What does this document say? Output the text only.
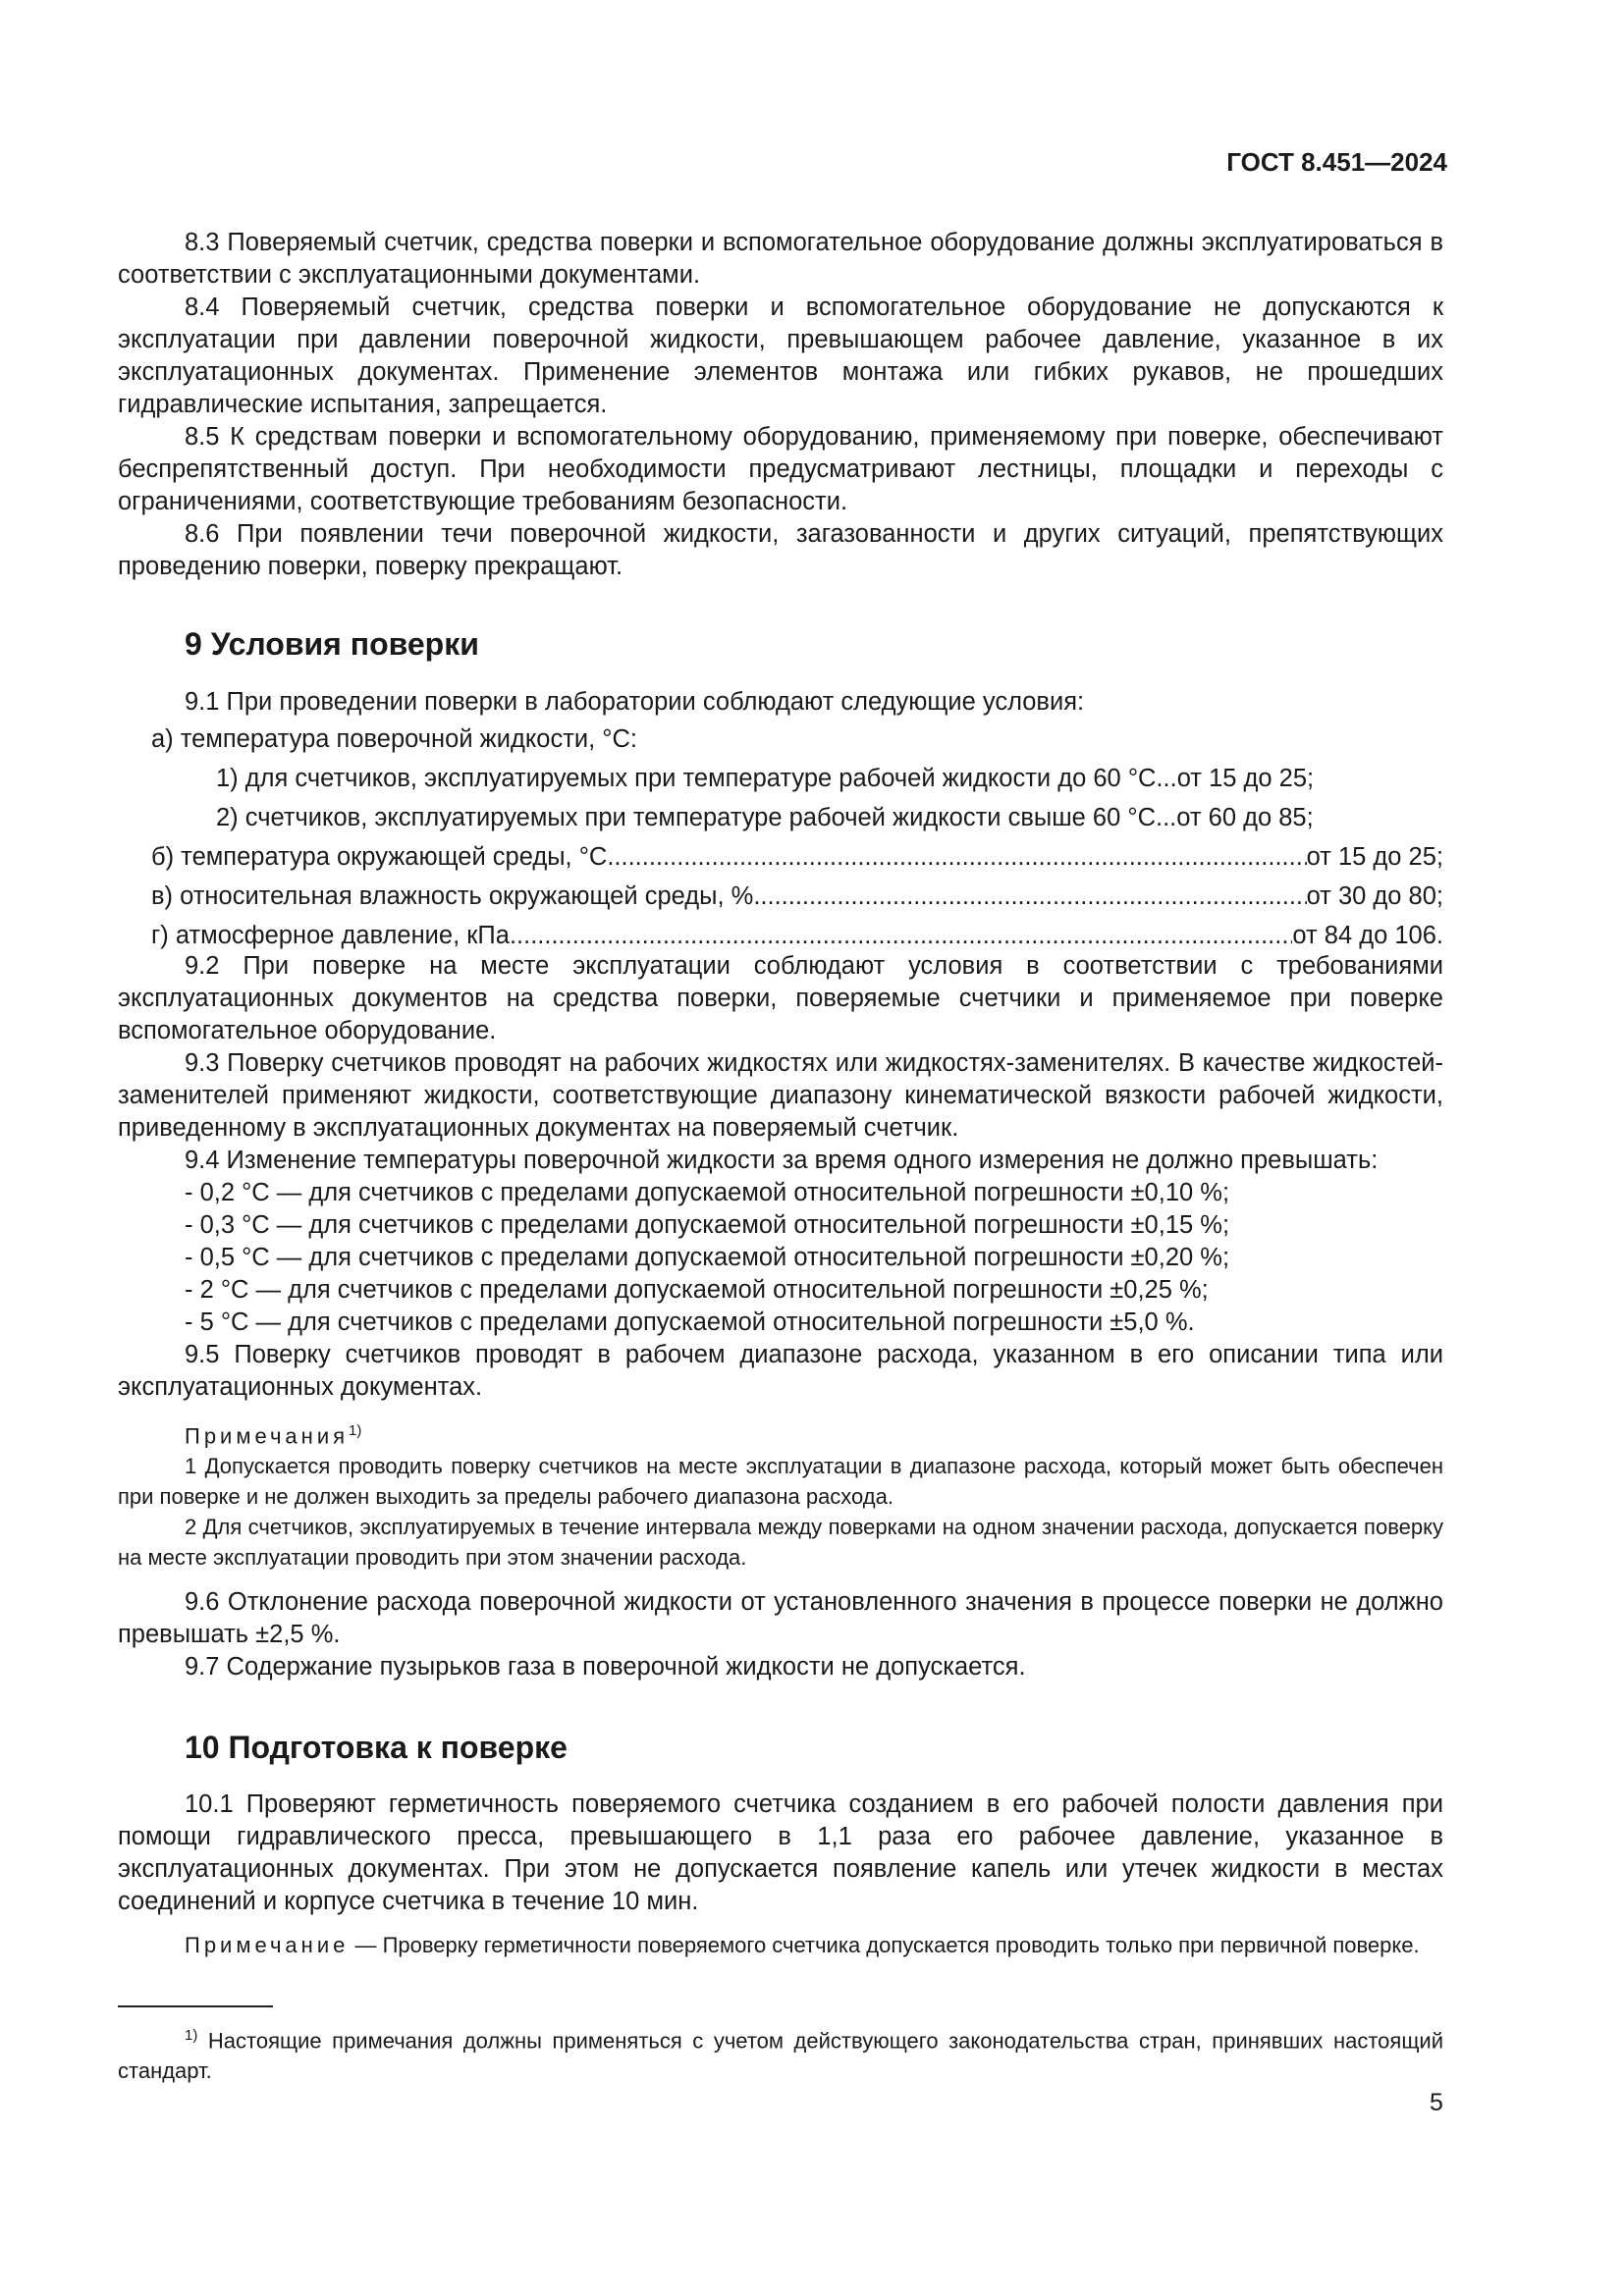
ГОСТ 8.451—2024

8.3 Поверяемый счетчик, средства поверки и вспомогательное оборудование должны эксплуатироваться в соответствии с эксплуатационными документами.

8.4 Поверяемый счетчик, средства поверки и вспомогательное оборудование не допускаются к эксплуатации при давлении поверочной жидкости, превышающем рабочее давление, указанное в их эксплуатационных документах. Применение элементов монтажа или гибких рукавов, не прошедших гидравлические испытания, запрещается.

8.5 К средствам поверки и вспомогательному оборудованию, применяемому при поверке, обеспечивают беспрепятственный доступ. При необходимости предусматривают лестницы, площадки и переходы с ограничениями, соответствующие требованиям безопасности.

8.6 При появлении течи поверочной жидкости, загазованности и других ситуаций, препятствующих проведению поверки, поверку прекращают.

9 Условия поверки

9.1 При проведении поверки в лаборатории соблюдают следующие условия:

а) температура поверочной жидкости, °С:
1) для счетчиков, эксплуатируемых при температуре рабочей жидкости до 60 °С... от 15 до 25;
2) счетчиков, эксплуатируемых при температуре рабочей жидкости свыше 60 °С... от 60 до 85;
б) температура окружающей среды, °С .....	от 15 до 25;
в) относительная влажность окружающей среды, % .....	от 30 до 80;
г) атмосферное давление, кПа .....	от 84 до 106.

9.2 При поверке на месте эксплуатации соблюдают условия в соответствии с требованиями эксплуатационных документов на средства поверки, поверяемые счетчики и применяемое при поверке вспомогательное оборудование.

9.3 Поверку счетчиков проводят на рабочих жидкостях или жидкостях-заменителях. В качестве жидкостей-заменителей применяют жидкости, соответствующие диапазону кинематической вязкости рабочей жидкости, приведенному в эксплуатационных документах на поверяемый счетчик.

9.4 Изменение температуры поверочной жидкости за время одного измерения не должно превышать:

- 0,2 °С — для счетчиков с пределами допускаемой относительной погрешности ±0,10 %;

- 0,3 °С — для счетчиков с пределами допускаемой относительной погрешности ±0,15 %;

- 0,5 °С — для счетчиков с пределами допускаемой относительной погрешности ±0,20 %;

- 2 °С — для счетчиков с пределами допускаемой относительной погрешности ±0,25 %;

- 5 °С — для счетчиков с пределами допускаемой относительной погрешности ±5,0 %.

9.5 Поверку счетчиков проводят в рабочем диапазоне расхода, указанном в его описании типа или эксплуатационных документах.

Примечания$^{1)}$

1 Допускается проводить поверку счетчиков на месте эксплуатации в диапазоне расхода, который может быть обеспечен при поверке и не должен выходить за пределы рабочего диапазона расхода.

2 Для счетчиков, эксплуатируемых в течение интервала между поверками на одном значении расхода, допускается поверку на месте эксплуатации проводить при этом значении расхода.

9.6 Отклонение расхода поверочной жидкости от установленного значения в процессе поверки не должно превышать ±2,5 %.

9.7 Содержание пузырьков газа в поверочной жидкости не допускается.

10 Подготовка к поверке

10.1 Проверяют герметичность поверяемого счетчика созданием в его рабочей полости давления при помощи гидравлического пресса, превышающего в 1,1 раза его рабочее давление, указанное в эксплуатационных документах. При этом не допускается появление капель или утечек жидкости в местах соединений и корпусе счетчика в течение 10 мин.

Примечание — Проверку герметичности поверяемого счетчика допускается проводить только при первичной поверке.

$^{1)}$ Настоящие примечания должны применяться с учетом действующего законодательства стран, принявших настоящий стандарт.

5
